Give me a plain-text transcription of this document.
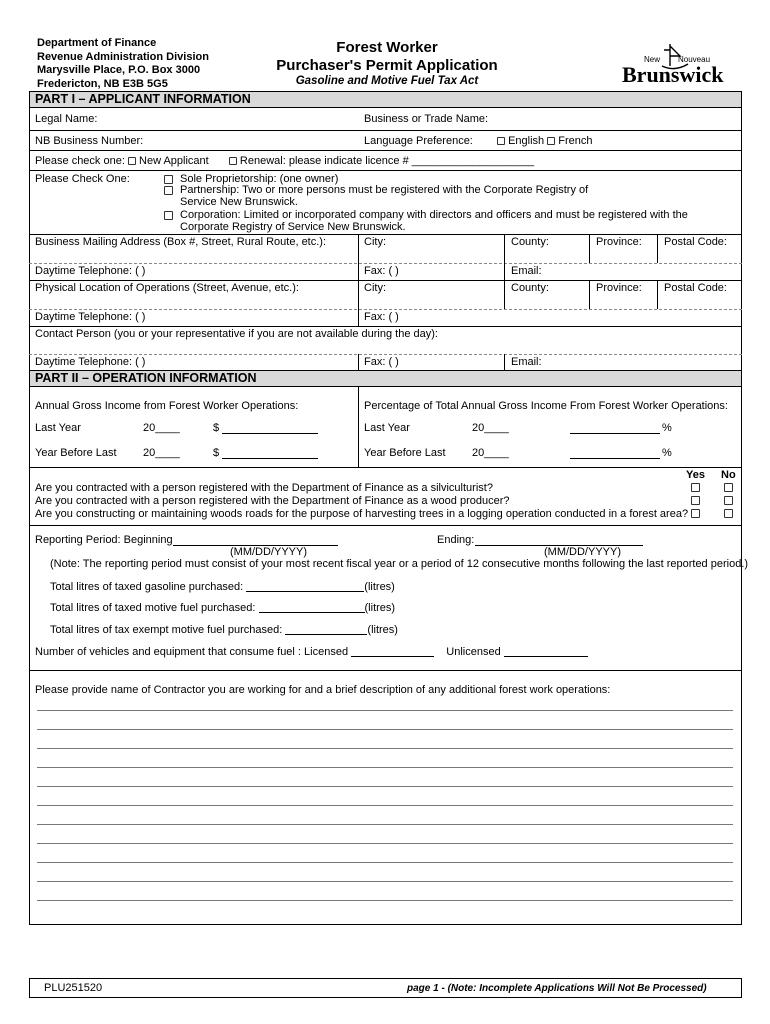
Department of Finance
Revenue Administration Division
Marysville Place, P.O. Box 3000
Fredericton, NB E3B 5G5
Forest Worker
Purchaser's Permit Application
Gasoline and Motive Fuel Tax Act
New Nouveau
Brunswick
PART I – APPLICANT INFORMATION
Legal Name:	Business or Trade Name:
NB Business Number:	Language Preference:	English French
Please check one: New Applicant	Renewal: please indicate licence # ____________________
Please Check One:	Sole Proprietorship: (one owner)
Partnership: Two or more persons must be registered with the Corporate Registry of
Service New Brunswick.
Corporation: Limited or incorporated company with directors and officers and must be registered with the
Corporate Registry of Service New Brunswick.
Business Mailing Address (Box #, Street, Rural Route, etc.):	City:	County:	Province: Postal Code:
Daytime Telephone: ( )	Fax: ( )	Email:
Physical Location of Operations (Street, Avenue, etc.):	City:	County:	Province: Postal Code:
Daytime Telephone: ( )	Fax: ( )
Contact Person (you or your representative if you are not available during the day):
Daytime Telephone: ( )	Fax: ( )	Email:
PART II – OPERATION INFORMATION
Annual Gross Income from Forest Worker Operations:	Percentage of Total Annual Gross Income From Forest Worker Operations:
Last Year	20____	$	Last Year	20____	%
Year Before Last 20____	$	Year Before Last 20____	%
Yes No
Are you contracted with a person registered with the Department of Finance as a silviculturist?
Are you contracted with a person registered with the Department of Finance as a wood producer?
Are you constructing or maintaining woods roads for the purpose of harvesting trees in a logging operation conducted in a forest area?
Reporting Period: Beginning	Ending:
(MM/DD/YYYY)	(MM/DD/YYYY)
(Note: The reporting period must consist of your most recent fiscal year or a period of 12 consecutive months following the last reported period.)
Total litres of taxed gasoline purchased:	(litres)
Total litres of taxed motive fuel purchased:	(litres)
Total litres of tax exempt motive fuel purchased:	(litres)
Number of vehicles and equipment that consume fuel : Licensed	Unlicensed
Please provide name of Contractor you are working for and a brief description of any additional forest work operations:
PLU251520	page 1 - (Note: Incomplete Applications Will Not Be Processed)
